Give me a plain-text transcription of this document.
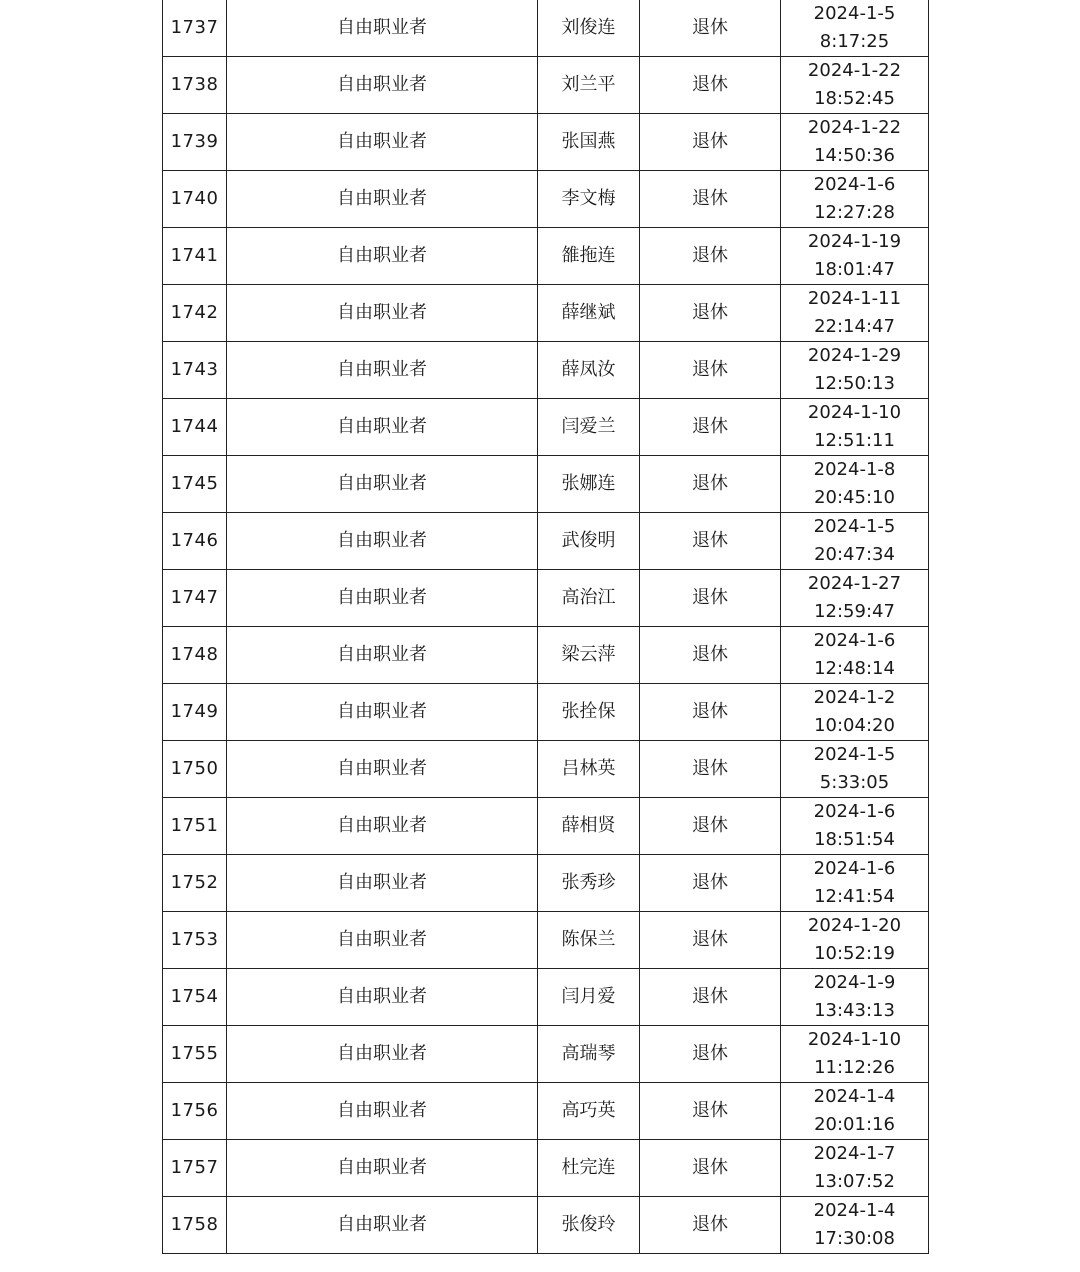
1737	自由职业者	刘俊连	退休	2024-1-5
8:17:25

1738	自由职业者	刘兰平	退休	2024-1-22
18:52:45

1739	自由职业者	张国燕	退休	2024-1-22
14:50:36

1740	自由职业者	李文梅	退休	2024-1-6
12:27:28

1741	自由职业者	雒拖连	退休	2024-1-19
18:01:47

1742	自由职业者	薛继斌	退休	2024-1-11
22:14:47

1743	自由职业者	薛凤汝	退休	2024-1-29
12:50:13

1744	自由职业者	闫爱兰	退休	2024-1-10
12:51:11

1745	自由职业者	张娜连	退休	2024-1-8
20:45:10

1746	自由职业者	武俊明	退休	2024-1-5
20:47:34

1747	自由职业者	高治江	退休	2024-1-27
12:59:47

1748	自由职业者	梁云萍	退休	2024-1-6
12:48:14

1749	自由职业者	张拴保	退休	2024-1-2
10:04:20

1750	自由职业者	吕林英	退休	2024-1-5
5:33:05

1751	自由职业者	薛相贤	退休	2024-1-6
18:51:54

1752	自由职业者	张秀珍	退休	2024-1-6
12:41:54

1753	自由职业者	陈保兰	退休	2024-1-20
10:52:19

1754	自由职业者	闫月爱	退休	2024-1-9
13:43:13

1755	自由职业者	高瑞琴	退休	2024-1-10
11:12:26

1756	自由职业者	高巧英	退休	2024-1-4
20:01:16

1757	自由职业者	杜完连	退休	2024-1-7
13:07:52

1758	自由职业者	张俊玲	退休	2024-1-4
17:30:08
